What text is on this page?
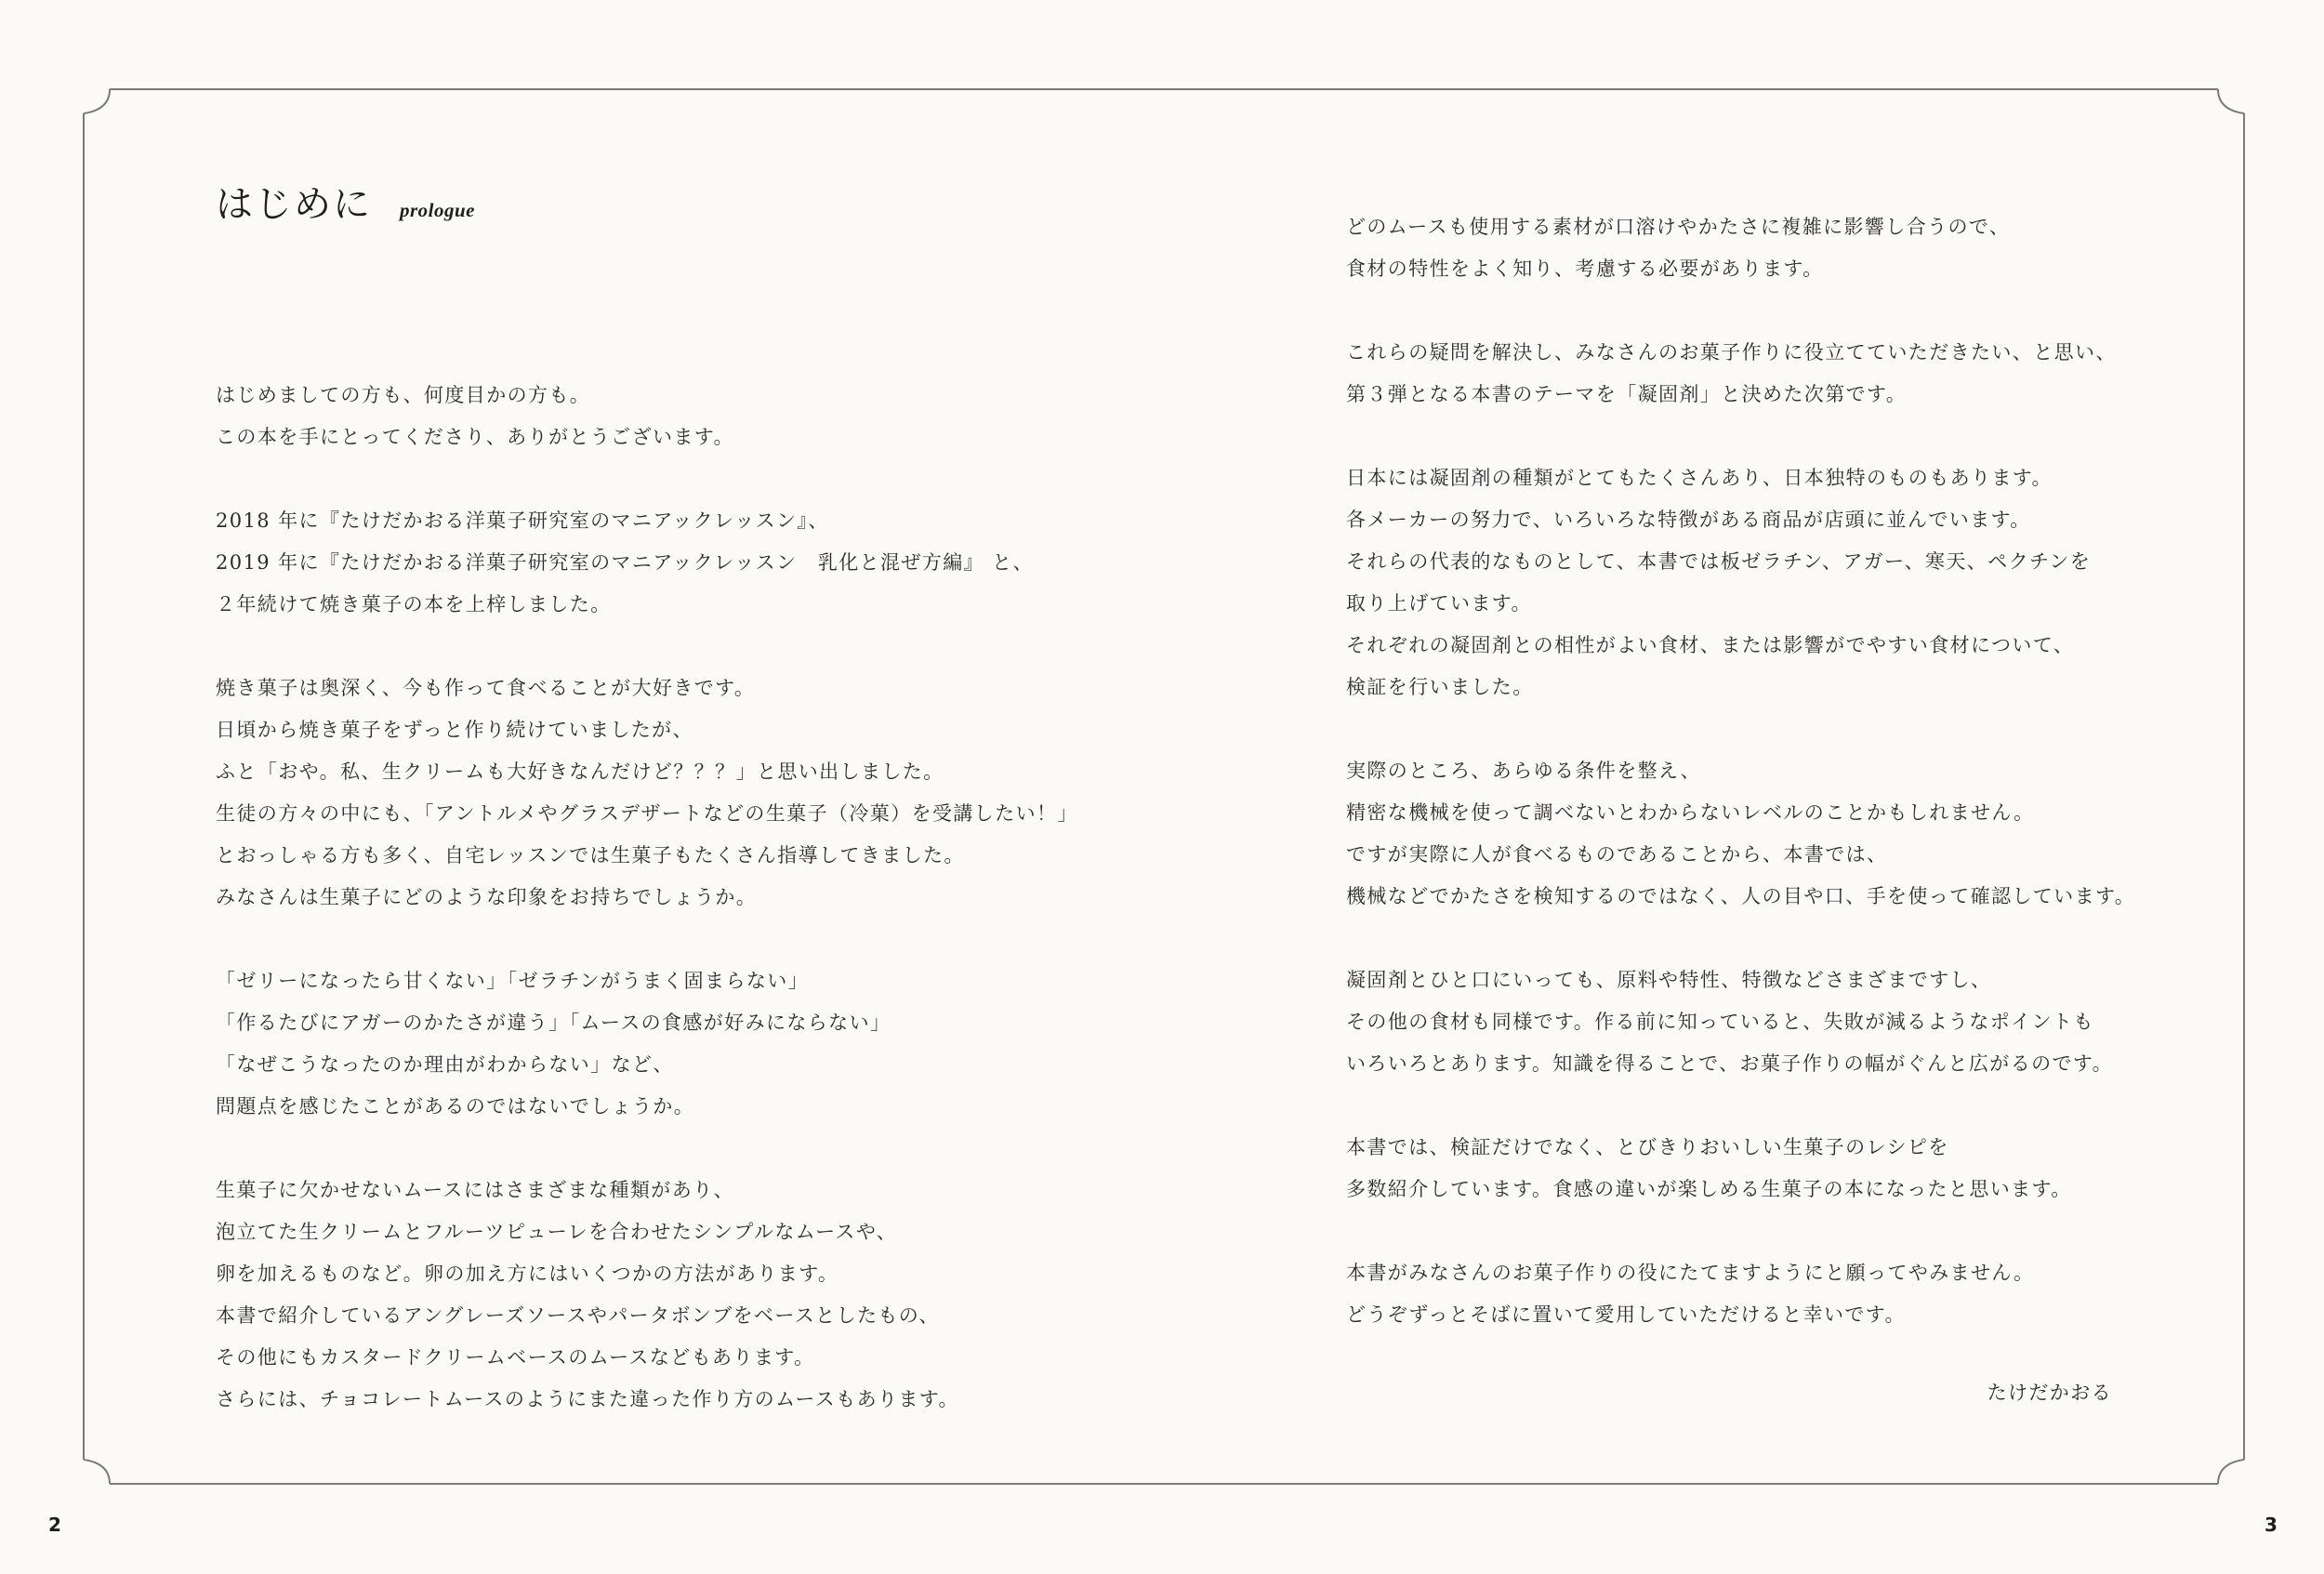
はじめに prologue

はじめましての方も、何度目かの方も。
この本を手にとってくださり、ありがとうございます。

2018 年に『たけだかおる洋菓子研究室のマニアックレッスン』、
2019 年に『たけだかおる洋菓子研究室のマニアックレッスン　乳化と混ぜ方編』 と、
２年続けて焼き菓子の本を上梓しました。

焼き菓子は奥深く、今も作って食べることが大好きです。
日頃から焼き菓子をずっと作り続けていましたが、
ふと「おや。私、生クリームも大好きなんだけど？？？」と思い出しました。
生徒の方々の中にも、「アントルメやグラスデザートなどの生菓子（冷菓）を受講したい！」
とおっしゃる方も多く、自宅レッスンでは生菓子もたくさん指導してきました。
みなさんは生菓子にどのような印象をお持ちでしょうか。

「ゼリーになったら甘くない」「ゼラチンがうまく固まらない」
「作るたびにアガーのかたさが違う」「ムースの食感が好みにならない」
「なぜこうなったのか理由がわからない」など、
問題点を感じたことがあるのではないでしょうか。

生菓子に欠かせないムースにはさまざまな種類があり、
泡立てた生クリームとフルーツピューレを合わせたシンプルなムースや、
卵を加えるものなど。卵の加え方にはいくつかの方法があります。
本書で紹介しているアングレーズソースやパータボンブをベースとしたもの、
その他にもカスタードクリームベースのムースなどもあります。
さらには、チョコレートムースのようにまた違った作り方のムースもあります。

どのムースも使用する素材が口溶けやかたさに複雑に影響し合うので、
食材の特性をよく知り、考慮する必要があります。

これらの疑問を解決し、みなさんのお菓子作りに役立てていただきたい、と思い、
第３弾となる本書のテーマを「凝固剤」と決めた次第です。

日本には凝固剤の種類がとてもたくさんあり、日本独特のものもあります。
各メーカーの努力で、いろいろな特徴がある商品が店頭に並んでいます。
それらの代表的なものとして、本書では板ゼラチン、アガー、寒天、ペクチンを
取り上げています。
それぞれの凝固剤との相性がよい食材、または影響がでやすい食材について、
検証を行いました。

実際のところ、あらゆる条件を整え、
精密な機械を使って調べないとわからないレベルのことかもしれません。
ですが実際に人が食べるものであることから、本書では、
機械などでかたさを検知するのではなく、人の目や口、手を使って確認しています。

凝固剤とひと口にいっても、原料や特性、特徴などさまざまですし、
その他の食材も同様です。作る前に知っていると、失敗が減るようなポイントも
いろいろとあります。知識を得ることで、お菓子作りの幅がぐんと広がるのです。

本書では、検証だけでなく、とびきりおいしい生菓子のレシピを
多数紹介しています。食感の違いが楽しめる生菓子の本になったと思います。

本書がみなさんのお菓子作りの役にたてますようにと願ってやみません。
どうぞずっとそばに置いて愛用していただけると幸いです。

たけだかおる
2	3
